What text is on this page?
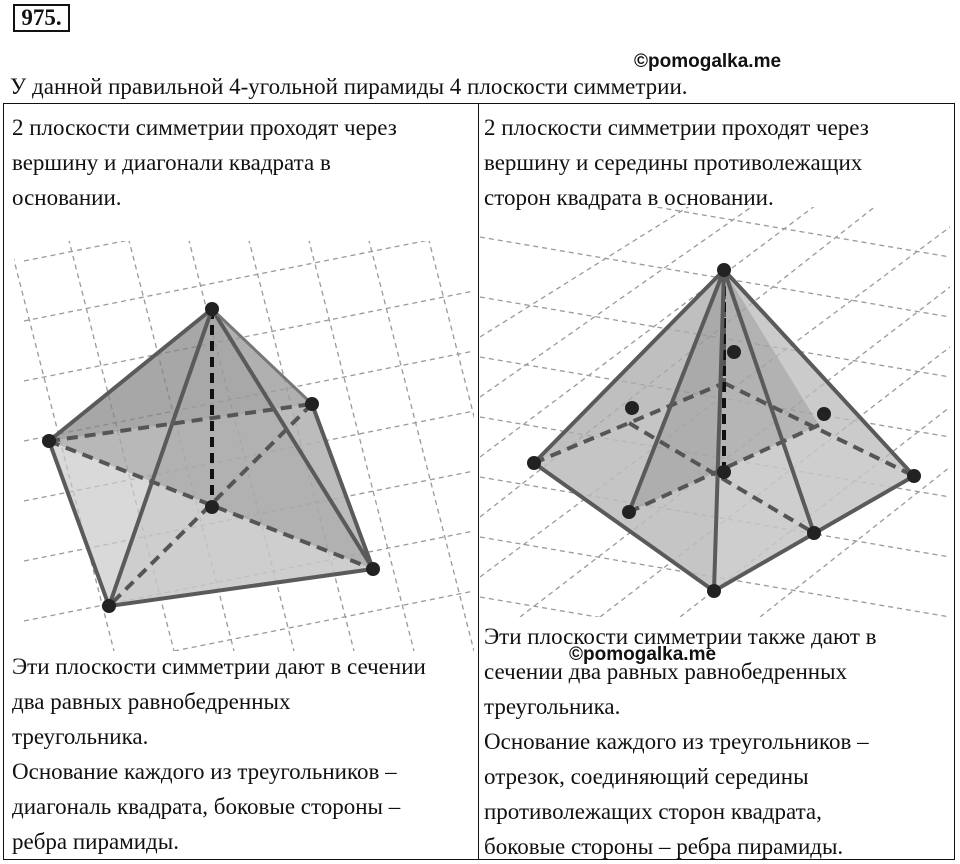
975.
©pomogalka.me
У данной правильной 4-угольной пирамиды 4 плоскости симметрии.

2 плоскости симметрии проходят через

вершину и диагонали квадрата в

основании.

2 плоскости симметрии проходят через

вершину и середины противолежащих

сторон квадрата в основании.

Эти плоскости симметрии дают в сечении

два равных равнобедренных

треугольника.

Основание каждого из треугольников –

диагональ квадрата, боковые стороны –

ребра пирамиды.

Эти плоскости симметрии также дают в

сечении два равных равнобедренных

треугольника.

Основание каждого из треугольников –

отрезок, соединяющий середины

противолежащих сторон квадрата,

боковые стороны – ребра пирамиды.

©pomogalka.me
